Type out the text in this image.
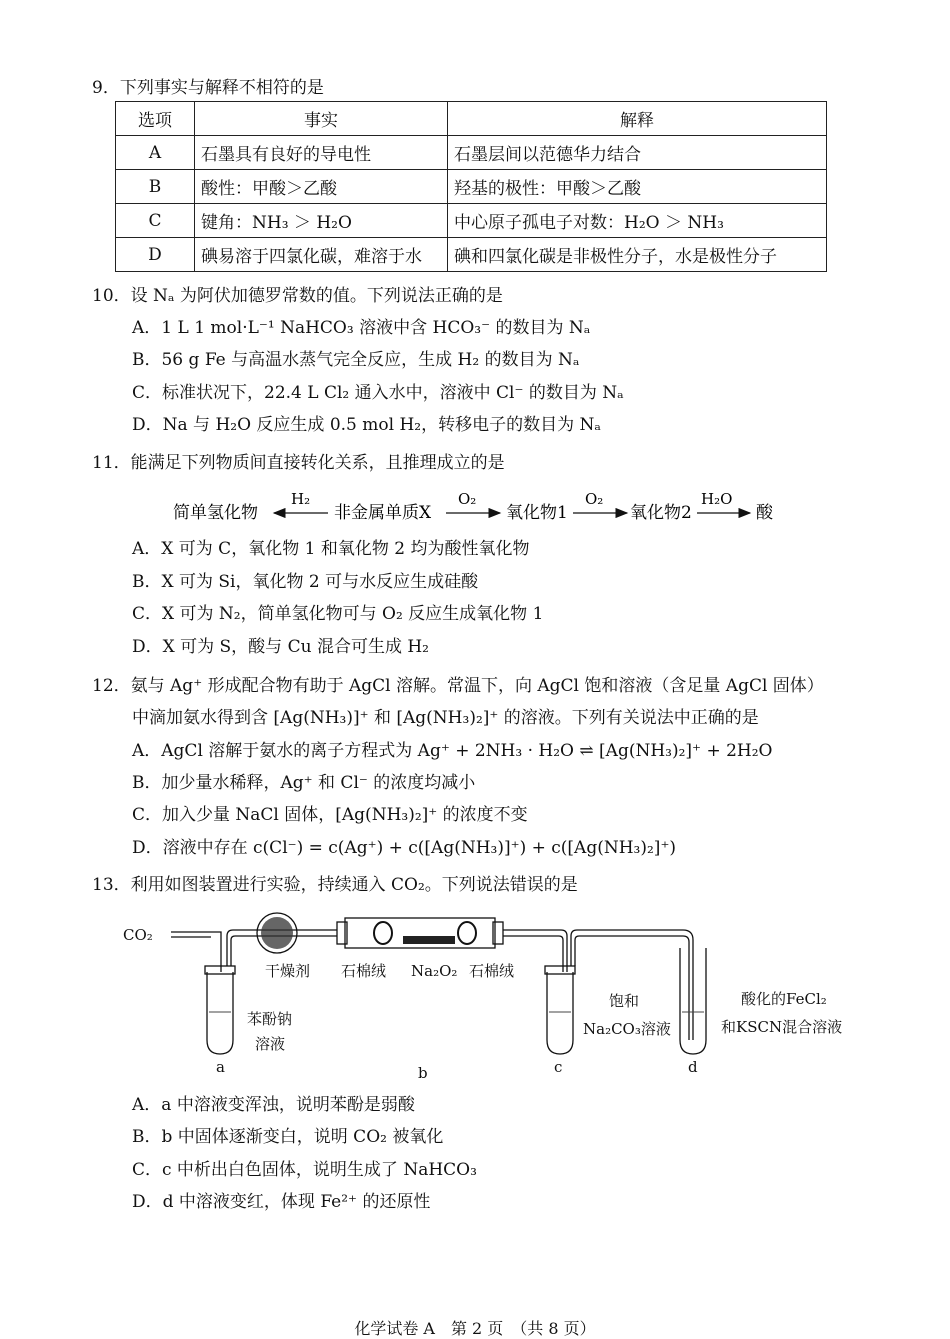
9．下列事实与解释不相符的是
选项	事实	解释
A	石墨具有良好的导电性	石墨层间以范德华力结合
B	酸性：甲酸＞乙酸	羟基的极性：甲酸＞乙酸
C	键角：NH₃ ＞ H₂O	中心原子孤电子对数：H₂O ＞ NH₃
D	碘易溶于四氯化碳，难溶于水	碘和四氯化碳是非极性分子，水是极性分子
10．设 Nₐ 为阿伏加德罗常数的值。下列说法正确的是
A．1 L 1 mol·L⁻¹ NaHCO₃ 溶液中含 HCO₃⁻ 的数目为 Nₐ
B．56 g Fe 与高温水蒸气完全反应，生成 H₂ 的数目为 Nₐ
C．标准状况下，22.4 L Cl₂ 通入水中，溶液中 Cl⁻ 的数目为 Nₐ
D．Na 与 H₂O 反应生成 0.5 mol H₂，转移电子的数目为 Nₐ
11．能满足下列物质间直接转化关系，且推理成立的是
简单氢化物
H₂
非金属单质X
O₂
氧化物1
O₂
氧化物2
H₂O
酸
A．X 可为 C，氧化物 1 和氧化物 2 均为酸性氧化物
B．X 可为 Si，氧化物 2 可与水反应生成硅酸
C．X 可为 N₂，简单氢化物可与 O₂ 反应生成氧化物 1
D．X 可为 S，酸与 Cu 混合可生成 H₂
12．氨与 Ag⁺ 形成配合物有助于 AgCl 溶解。常温下，向 AgCl 饱和溶液（含足量 AgCl 固体）
中滴加氨水得到含 [Ag(NH₃)]⁺ 和 [Ag(NH₃)₂]⁺ 的溶液。下列有关说法中正确的是
A．AgCl 溶解于氨水的离子方程式为 Ag⁺ + 2NH₃ · H₂O ⇌ [Ag(NH₃)₂]⁺ + 2H₂O
B．加少量水稀释，Ag⁺ 和 Cl⁻ 的浓度均减小
C．加入少量 NaCl 固体，[Ag(NH₃)₂]⁺ 的浓度不变
D．溶液中存在 c(Cl⁻) = c(Ag⁺) + c([Ag(NH₃)]⁺) + c([Ag(NH₃)₂]⁺)
13．利用如图装置进行实验，持续通入 CO₂。下列说法错误的是
CO₂
干燥剂 石棉绒 Na₂O₂ 石棉绒
苯酚钠
溶液
饱和
Na₂CO₃溶液
酸化的FeCl₂
和KSCN混合溶液
a	b	c	d
A．a 中溶液变浑浊，说明苯酚是弱酸
B．b 中固体逐渐变白，说明 CO₂ 被氧化
C．c 中析出白色固体，说明生成了 NaHCO₃
D．d 中溶液变红，体现 Fe²⁺ 的还原性
化学试卷 A　第 2 页　（共 8 页）
